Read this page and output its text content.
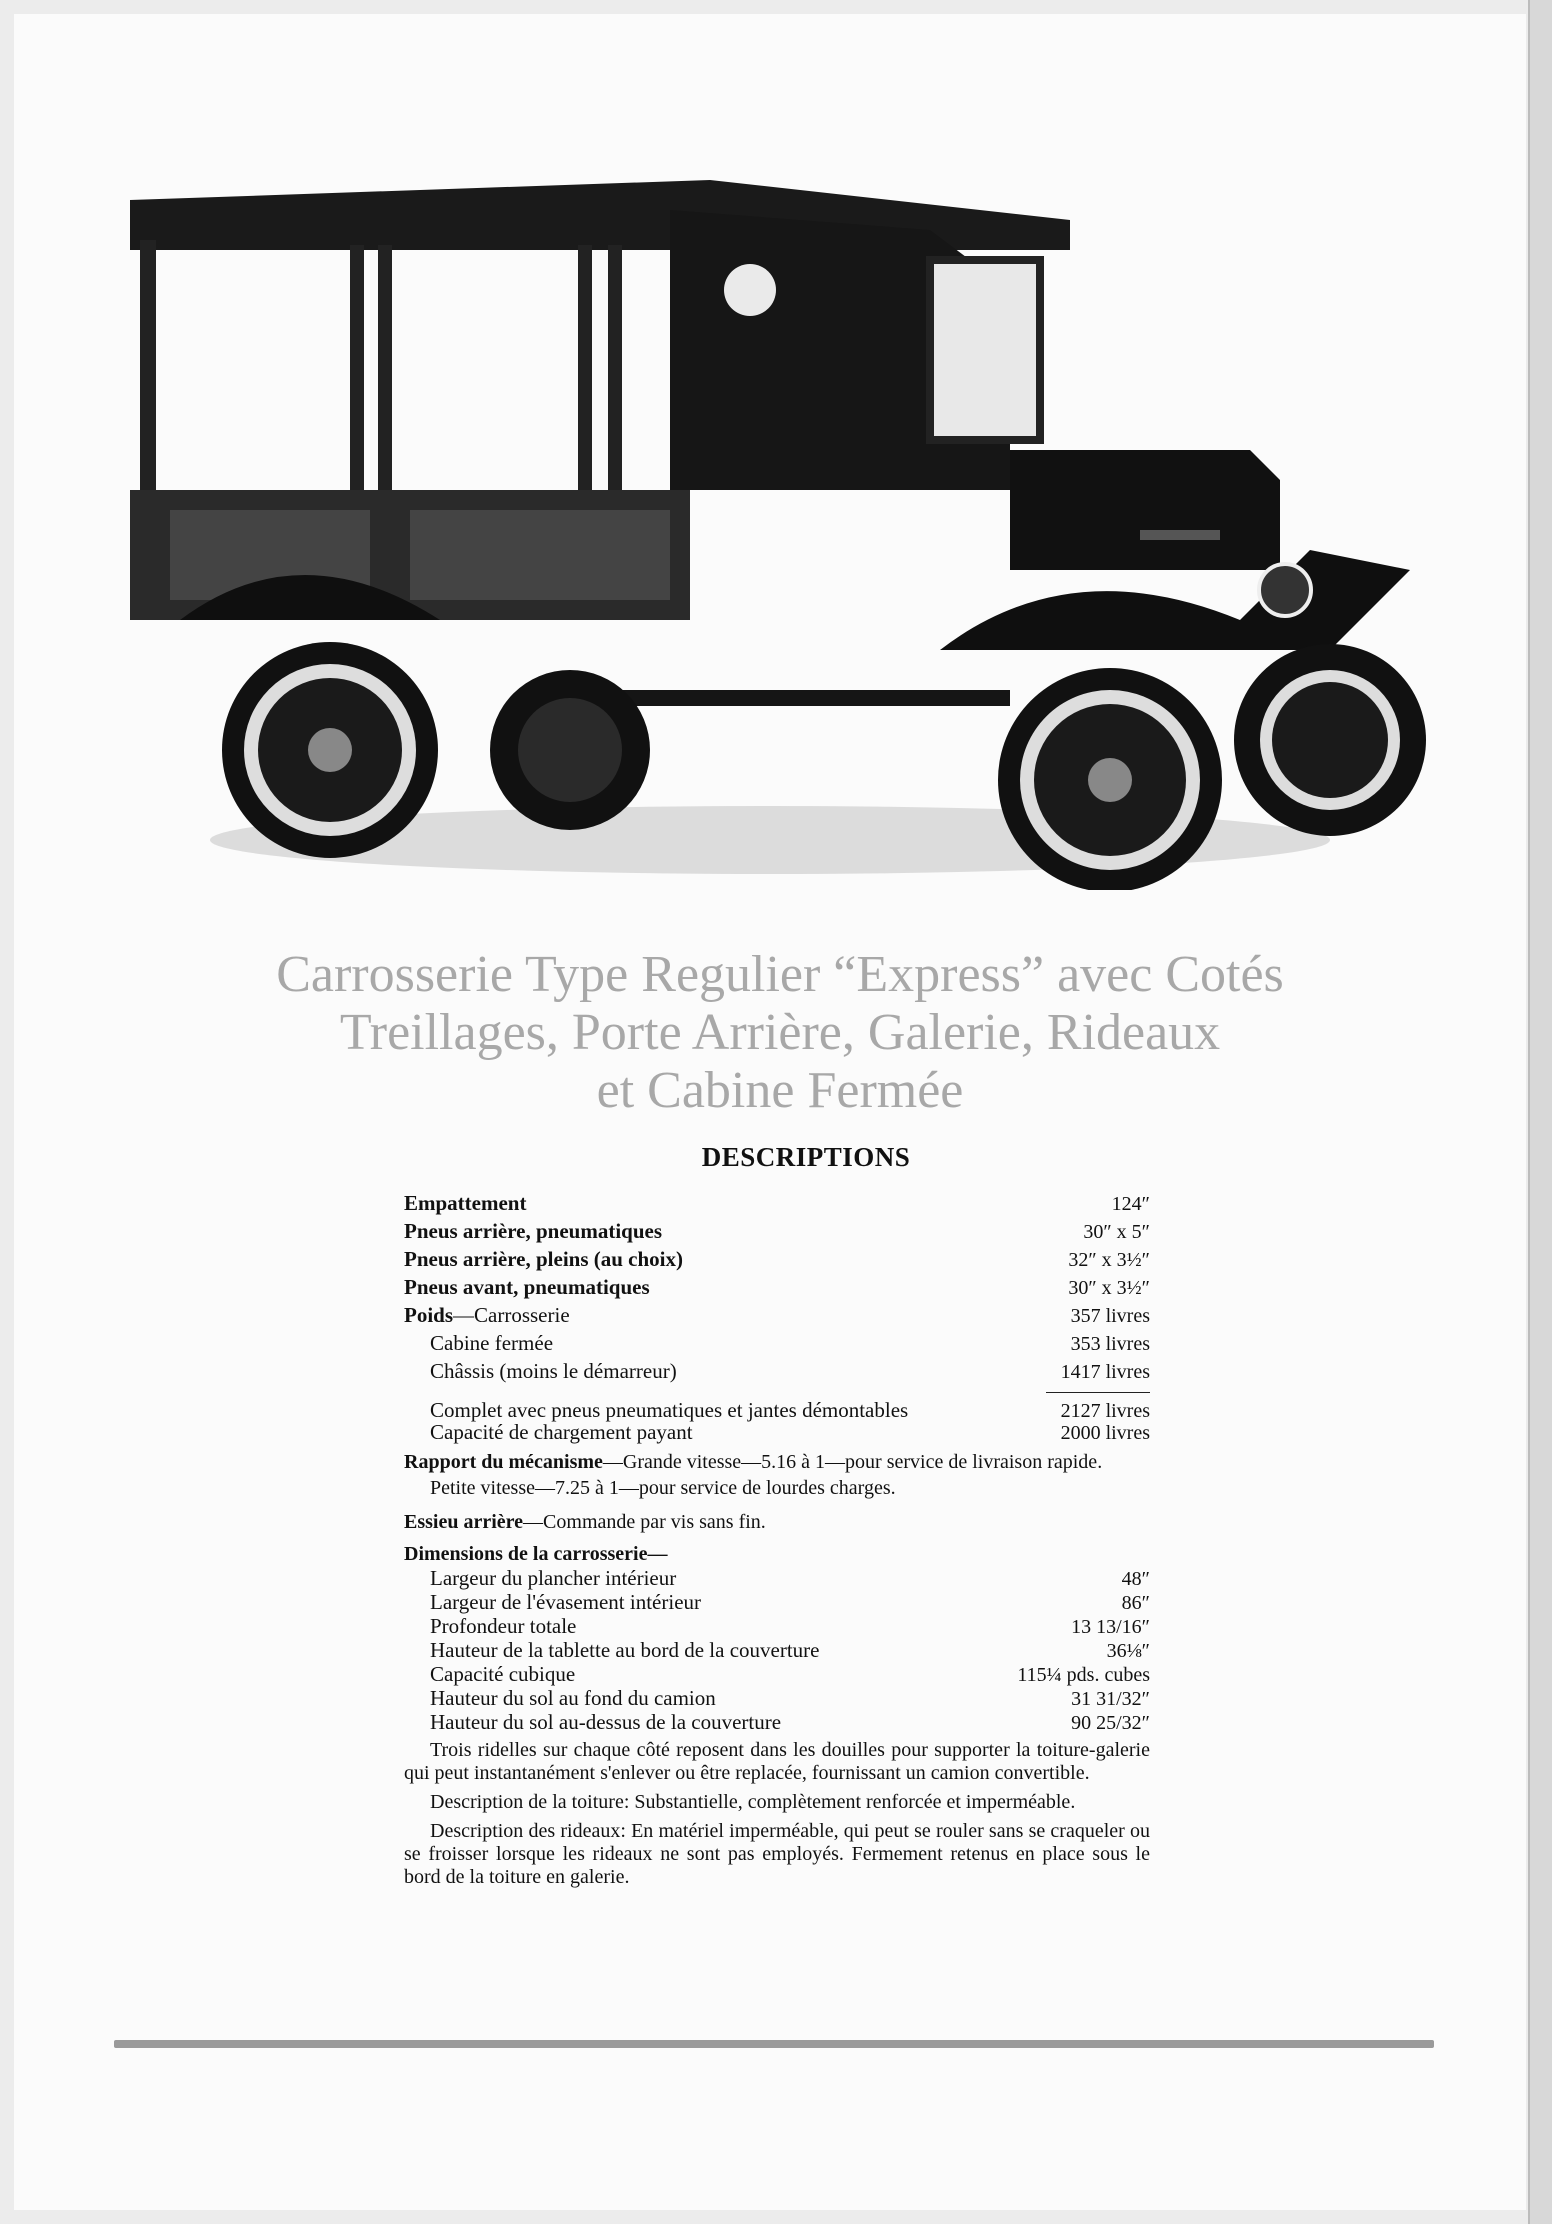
Carrosserie Type Regulier “Express” avec Cotés
Treillages, Porte Arrière, Galerie, Rideaux
et Cabine Fermée
DESCRIPTIONS
Empattement	124″
Pneus arrière, pneumatiques	30″ x 5″
Pneus arrière, pleins (au choix)	32″ x 3½″
Pneus avant, pneumatiques	30″ x 3½″
Poids—Carrosserie	357 livres
Cabine fermée	353 livres
Châssis (moins le démarreur)	1417 livres
Complet avec pneus pneumatiques et jantes démontables	2127 livres
Capacité de chargement payant	2000 livres
Rapport du mécanisme—Grande vitesse—5.16 à 1—pour service de livraison rapide.
Petite vitesse—7.25 à 1—pour service de lourdes charges.
Essieu arrière—Commande par vis sans fin.
Dimensions de la carrosserie—
Largeur du plancher intérieur	48″
Largeur de l'évasement intérieur	86″
Profondeur totale	13 13/16″
Hauteur de la tablette au bord de la couverture	36⅛″
Capacité cubique	115¼ pds. cubes
Hauteur du sol au fond du camion	31 31/32″
Hauteur du sol au-dessus de la couverture	90 25/32″
Trois ridelles sur chaque côté reposent dans les douilles pour supporter la toiture-galerie qui peut instantanément s'enlever ou être replacée, fournissant un camion convertible.
Description de la toiture: Substantielle, complètement renforcée et imperméable.
Description des rideaux: En matériel imperméable, qui peut se rouler sans se craqueler ou se froisser lorsque les rideaux ne sont pas employés. Fermement retenus en place sous le bord de la toiture en galerie.
